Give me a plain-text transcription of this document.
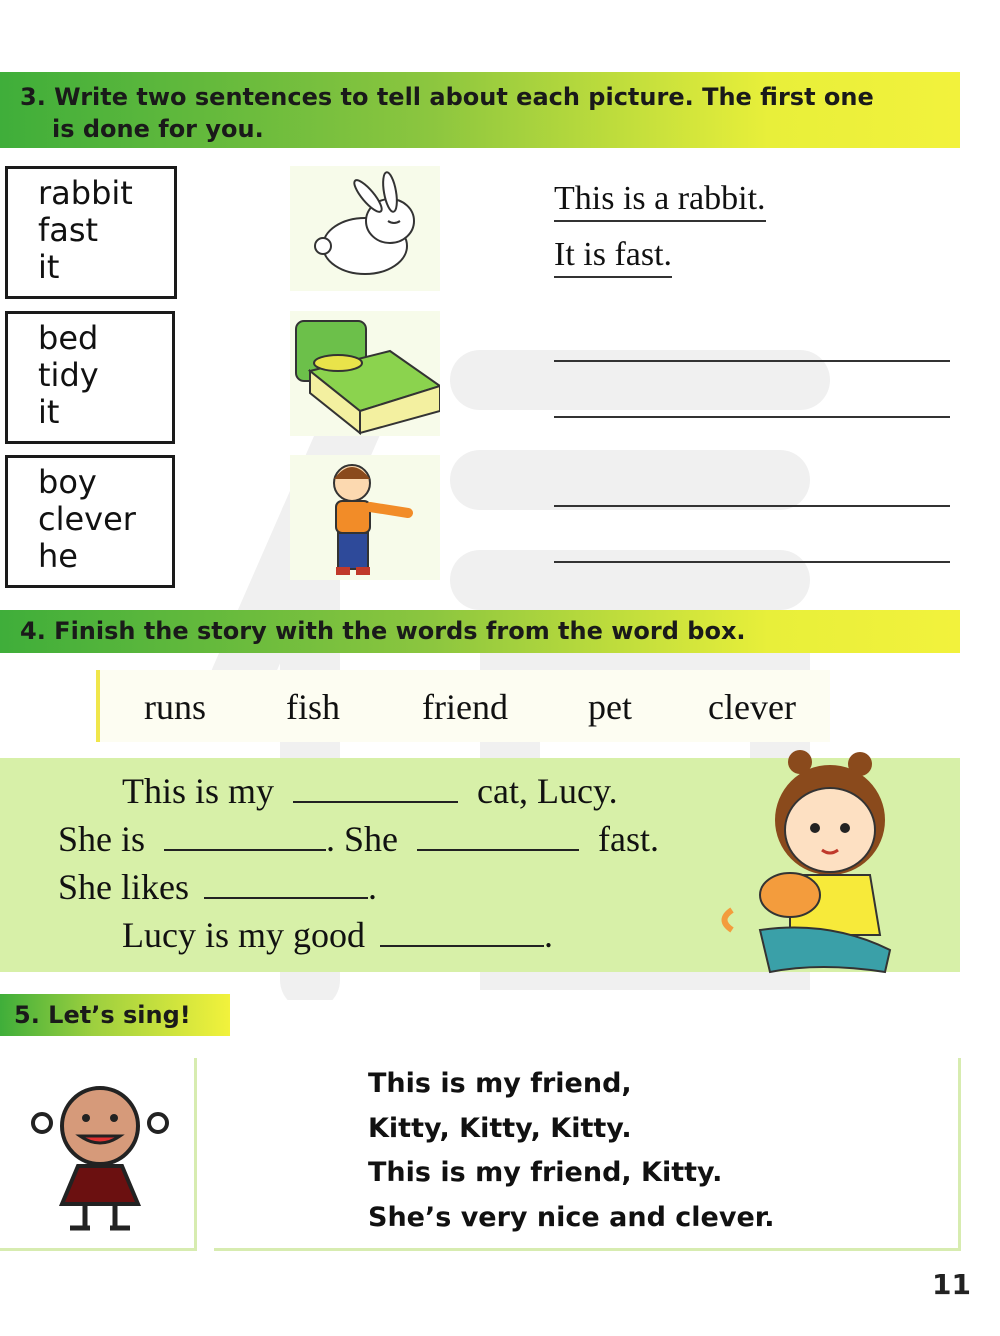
3. Write two sentences to tell about each picture. The first one
is done for you.
rabbit
fast
it
This is a rabbit.
It is fast.
bed
tidy
it
boy
clever
he
4. Finish the story with the words from the word box.
runs fish friend pet clever
This is my	cat, Lucy.
She is	. She	fast.
She likes	.
Lucy is my good	.
5. Let’s sing!
This is my friend,
Kitty, Kitty, Kitty.
This is my friend, Kitty.
She’s very nice and clever.
11
